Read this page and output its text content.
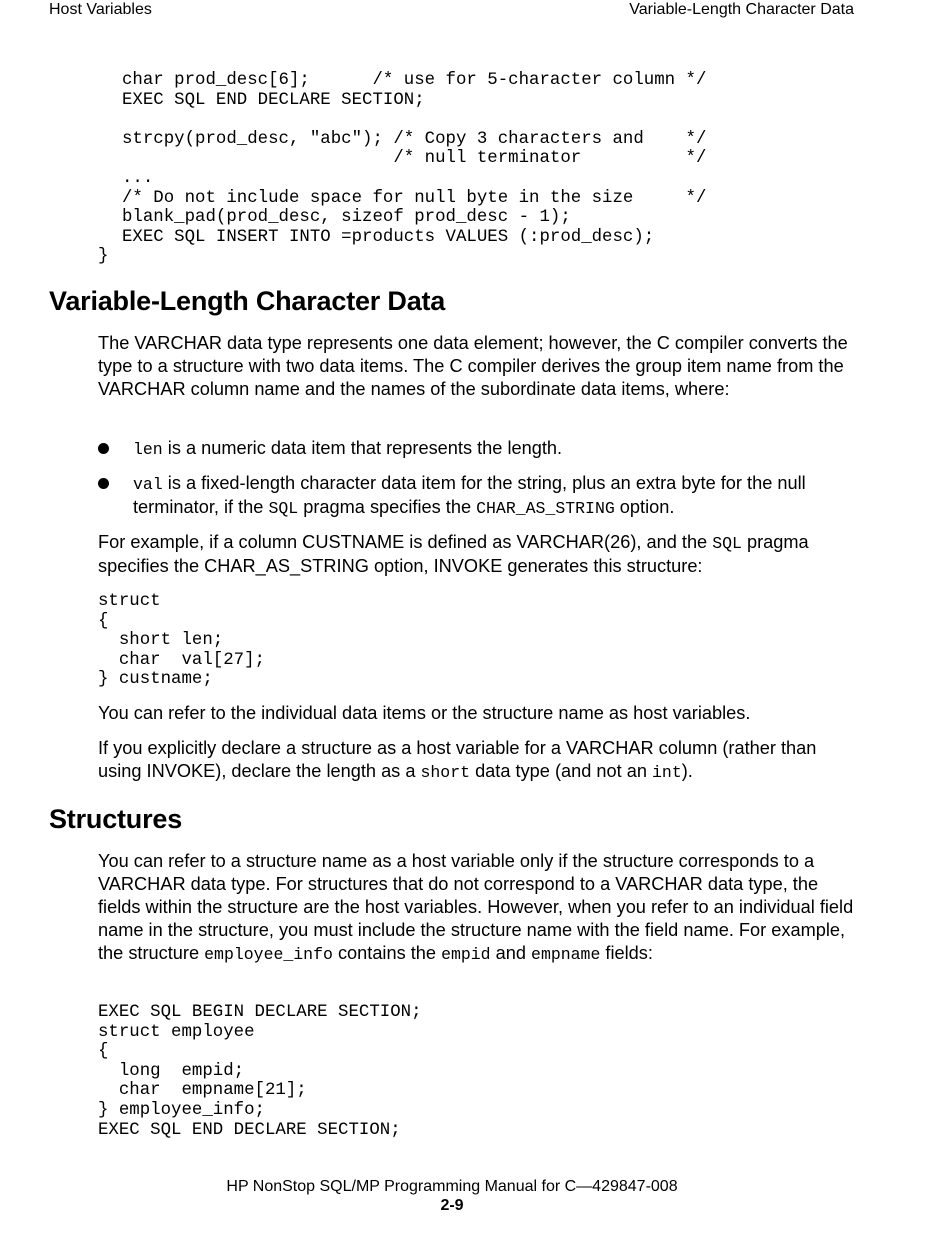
Host Variables	Variable-Length Character Data
char prod_desc[6];      /* use for 5-character column */
EXEC SQL END DECLARE SECTION;

strcpy(prod_desc, "abc"); /* Copy 3 characters and    */
/* null terminator          */
...
/* Do not include space for null byte in the size     */
blank_pad(prod_desc, sizeof prod_desc - 1);
EXEC SQL INSERT INTO =products VALUES (:prod_desc);
}
Variable-Length Character Data

The VARCHAR data type represents one data element; however, the C compiler converts the type to a structure with two data items. The C compiler derives the group item name from the VARCHAR column name and the names of the subordinate data items, where:

len is a numeric data item that represents the length.
val is a fixed-length character data item for the string, plus an extra byte for the null terminator, if the SQL pragma specifies the CHAR_AS_STRING option.

For example, if a column CUSTNAME is defined as VARCHAR(26), and the SQL pragma specifies the CHAR_AS_STRING option, INVOKE generates this structure:

struct
{
short len;
char  val[27];
} custname;

You can refer to the individual data items or the structure name as host variables.

If you explicitly declare a structure as a host variable for a VARCHAR column (rather than using INVOKE), declare the length as a short data type (and not an int).

Structures

You can refer to a structure name as a host variable only if the structure corresponds to a VARCHAR data type. For structures that do not correspond to a VARCHAR data type, the fields within the structure are the host variables. However, when you refer to an individual field name in the structure, you must include the structure name with the field name. For example, the structure employee_info contains the empid and empname fields:

EXEC SQL BEGIN DECLARE SECTION;
struct employee
{
long  empid;
char  empname[21];
} employee_info;
EXEC SQL END DECLARE SECTION;
HP NonStop SQL/MP Programming Manual for C—429847-008
2-9
